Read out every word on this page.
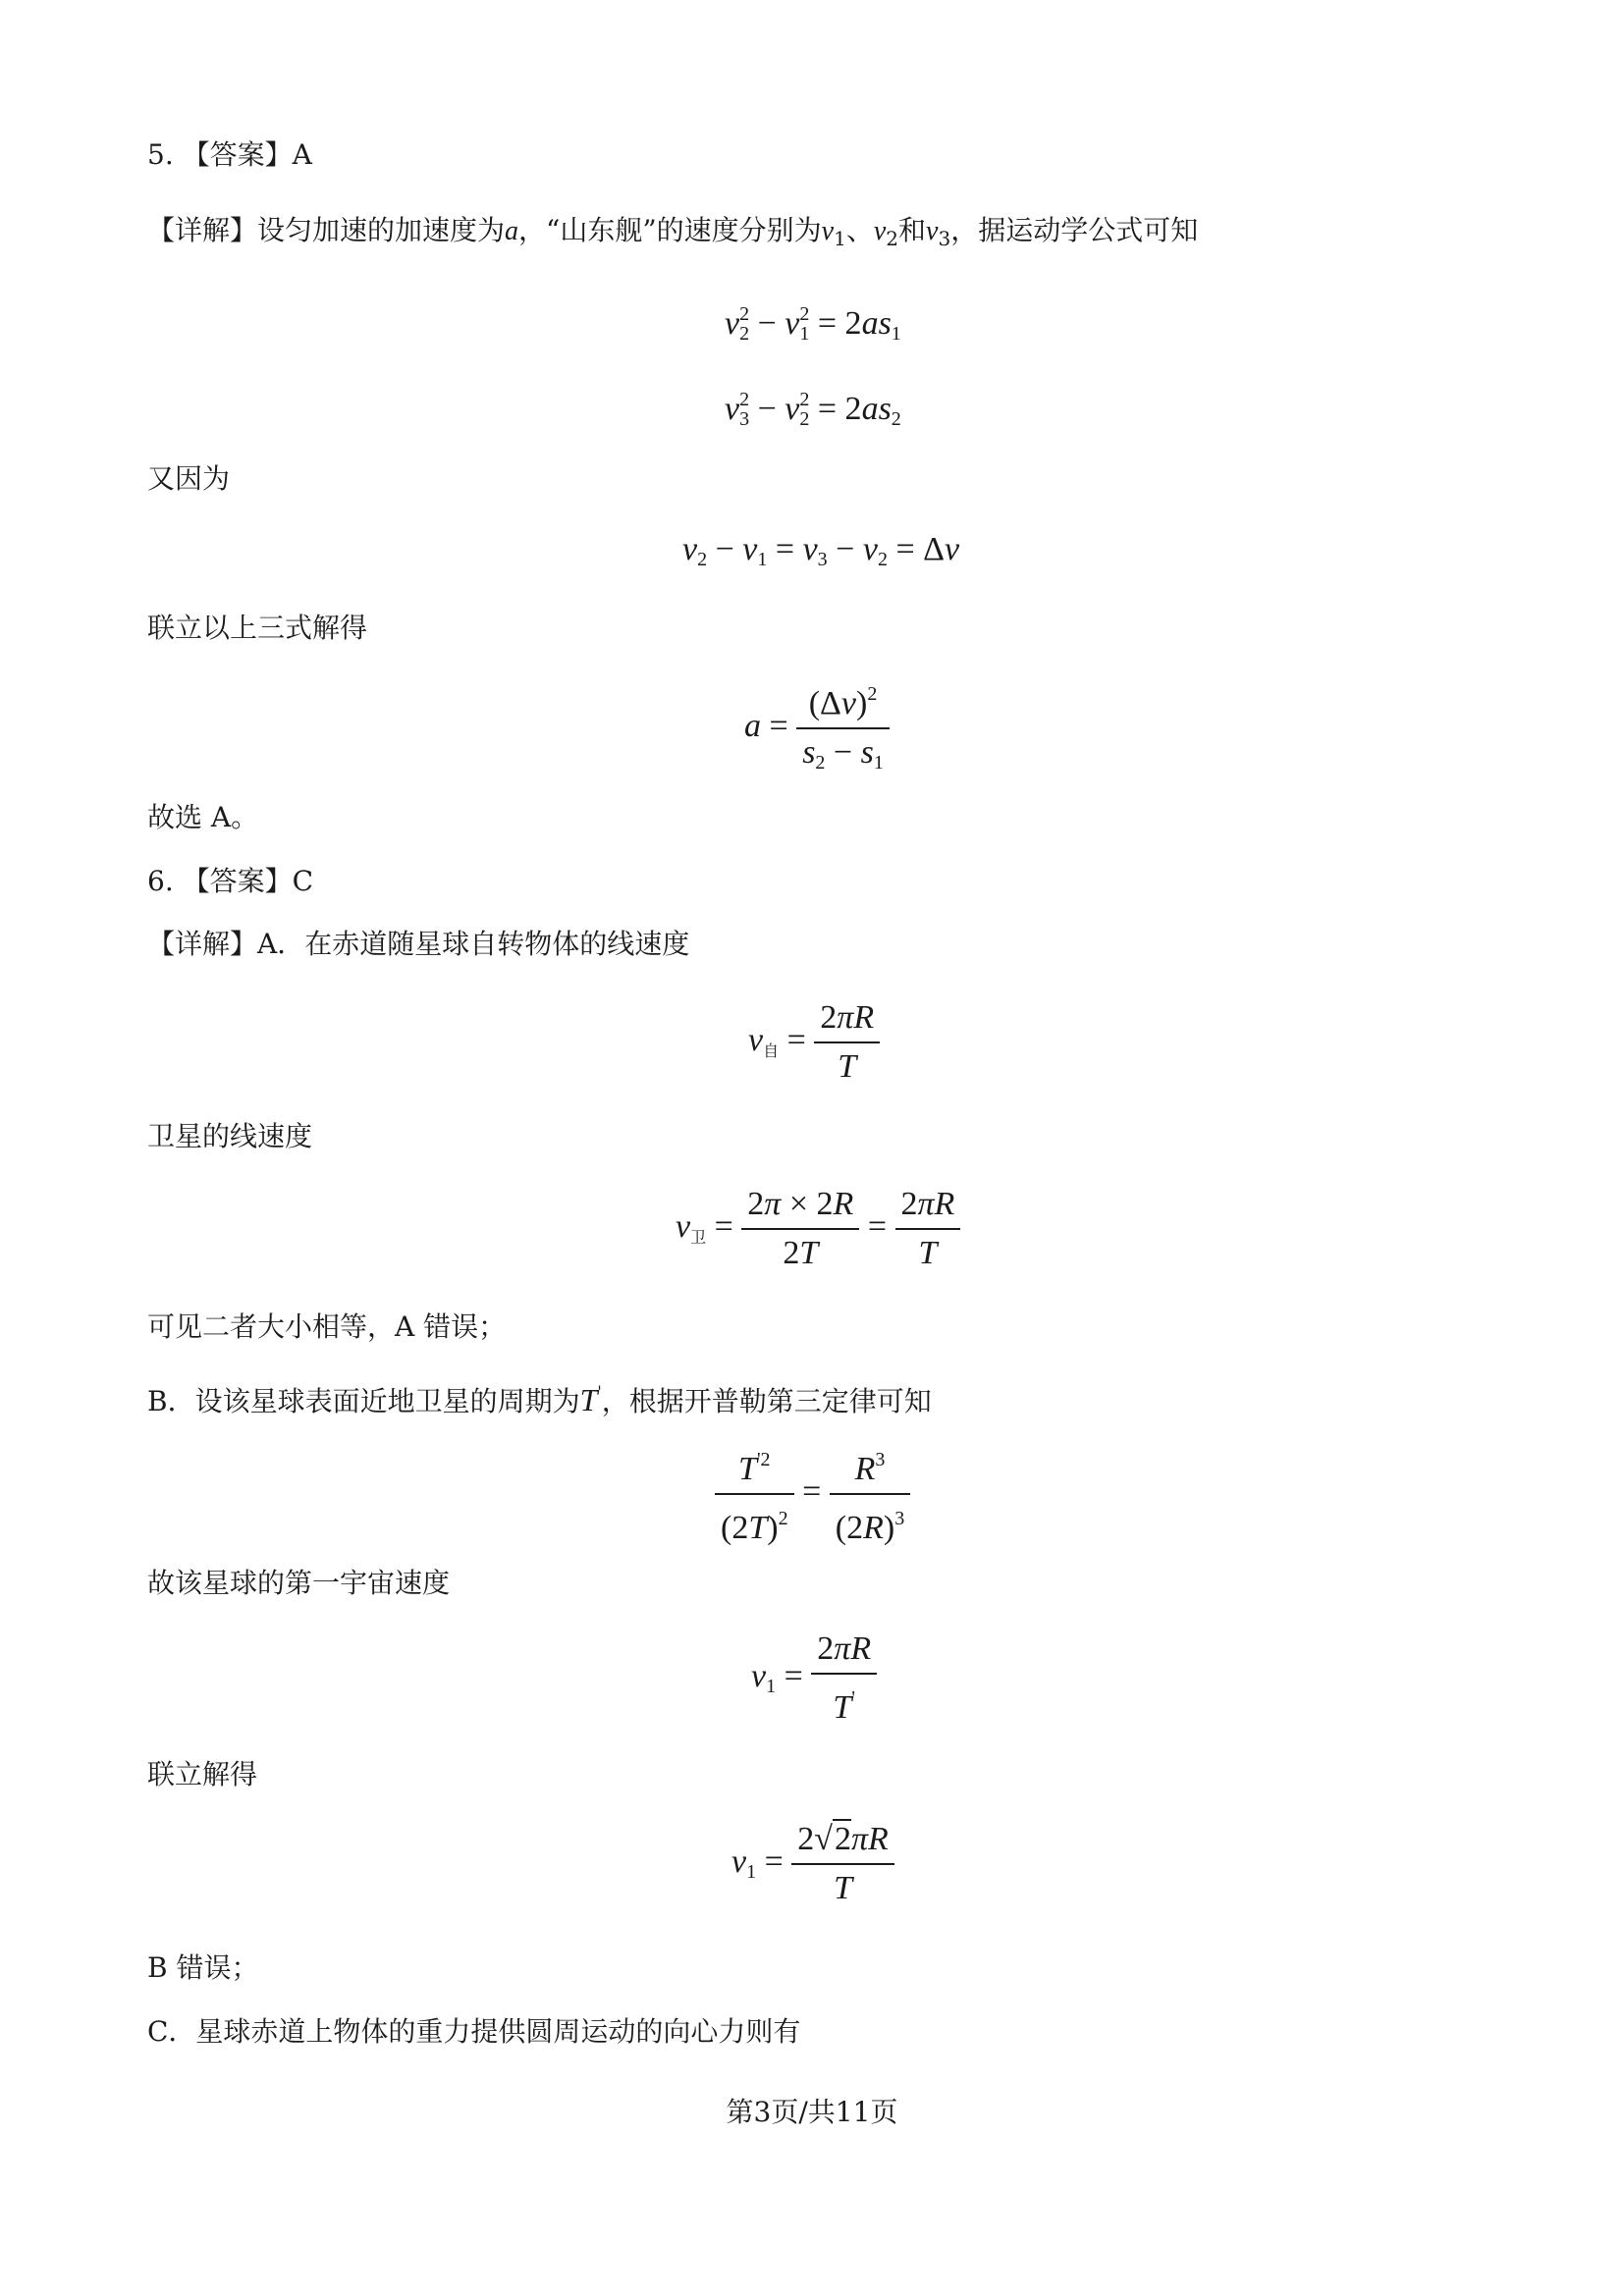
5. 【答案】A
【详解】设匀加速的加速度为a，“山东舰”的速度分别为$v_1$、$v_2$和$v_3$，据运动学公式可知
$v_2^2 - v_1^2 = 2as_1$
$v_3^2 - v_2^2 = 2as_2$
又因为
$v_2 - v_1 = v_3 - v_2 = \Delta v$
联立以上三式解得
$a = \frac{(\Delta v)^2}{s_2 - s_1}$
故选 A。
6. 【答案】C
【详解】A．在赤道随星球自转物体的线速度
$v_自 = \frac{2\pi R}{T}$
卫星的线速度
$v_卫 = \frac{2\pi \times 2R}{2T} = \frac{2\pi R}{T}$
可见二者大小相等，A 错误；
B．设该星球表面近地卫星的周期为T'，根据开普勒第三定律可知
$\frac{T^{'2}}{(2T)^2} = \frac{R^3}{(2R)^3}$
故该星球的第一宇宙速度
$v_1 = \frac{2\pi R}{T'}$
联立解得
$v_1 = \frac{2√2\pi R}{T}$
B 错误；
C．星球赤道上物体的重力提供圆周运动的向心力则有
第3页/共11页
